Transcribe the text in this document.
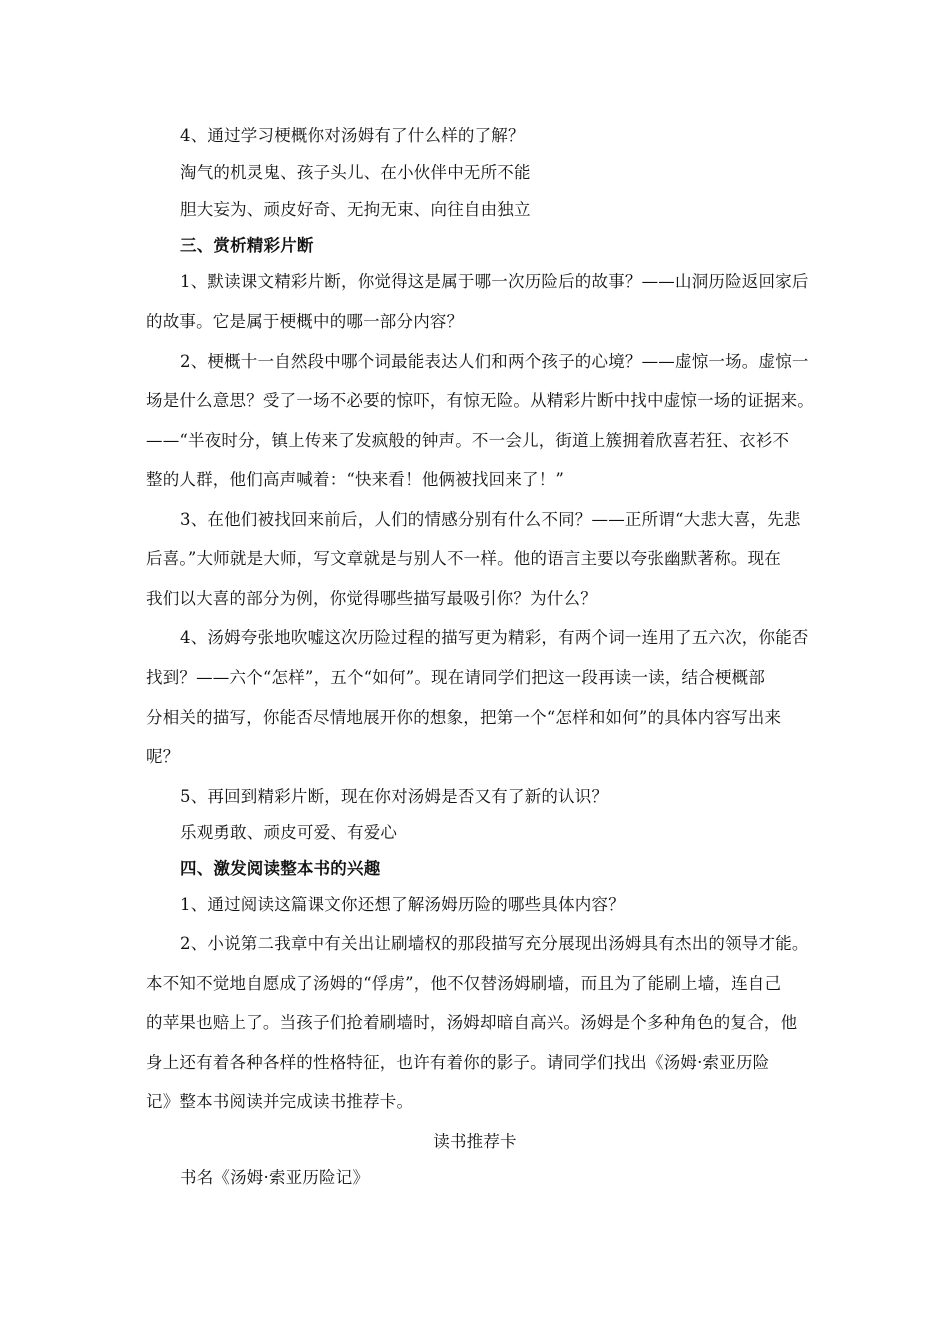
4、通过学习梗概你对汤姆有了什么样的了解？
淘气的机灵鬼、孩子头儿、在小伙伴中无所不能
胆大妄为、顽皮好奇、无拘无束、向往自由独立
三、赏析精彩片断
1、默读课文精彩片断，你觉得这是属于哪一次历险后的故事？——山洞历险返回家后
的故事。它是属于梗概中的哪一部分内容？
2、梗概十一自然段中哪个词最能表达人们和两个孩子的心境？——虚惊一场。虚惊一
场是什么意思？受了一场不必要的惊吓，有惊无险。从精彩片断中找中虚惊一场的证据来。
——“半夜时分，镇上传来了发疯般的钟声。不一会儿，街道上簇拥着欣喜若狂、衣衫不
整的人群，他们高声喊着：“快来看！他俩被找回来了！”
3、在他们被找回来前后，人们的情感分别有什么不同？——正所谓“大悲大喜，先悲
后喜。”大师就是大师，写文章就是与别人不一样。他的语言主要以夸张幽默著称。现在
我们以大喜的部分为例，你觉得哪些描写最吸引你？为什么？
4、汤姆夸张地吹嘘这次历险过程的描写更为精彩，有两个词一连用了五六次，你能否
找到？——六个“怎样”，五个“如何”。现在请同学们把这一段再读一读，结合梗概部
分相关的描写，你能否尽情地展开你的想象，把第一个“怎样和如何”的具体内容写出来
呢？
5、再回到精彩片断，现在你对汤姆是否又有了新的认识？
乐观勇敢、顽皮可爱、有爱心
四、激发阅读整本书的兴趣
1、通过阅读这篇课文你还想了解汤姆历险的哪些具体内容？
2、小说第二我章中有关出让刷墙权的那段描写充分展现出汤姆具有杰出的领导才能。
本不知不觉地自愿成了汤姆的“俘虏”，他不仅替汤姆刷墙，而且为了能刷上墙，连自己
的苹果也赔上了。当孩子们抢着刷墙时，汤姆却暗自高兴。汤姆是个多种角色的复合，他
身上还有着各种各样的性格特征，也许有着你的影子。请同学们找出《汤姆·索亚历险
记》整本书阅读并完成读书推荐卡。
读书推荐卡
书名《汤姆·索亚历险记》
